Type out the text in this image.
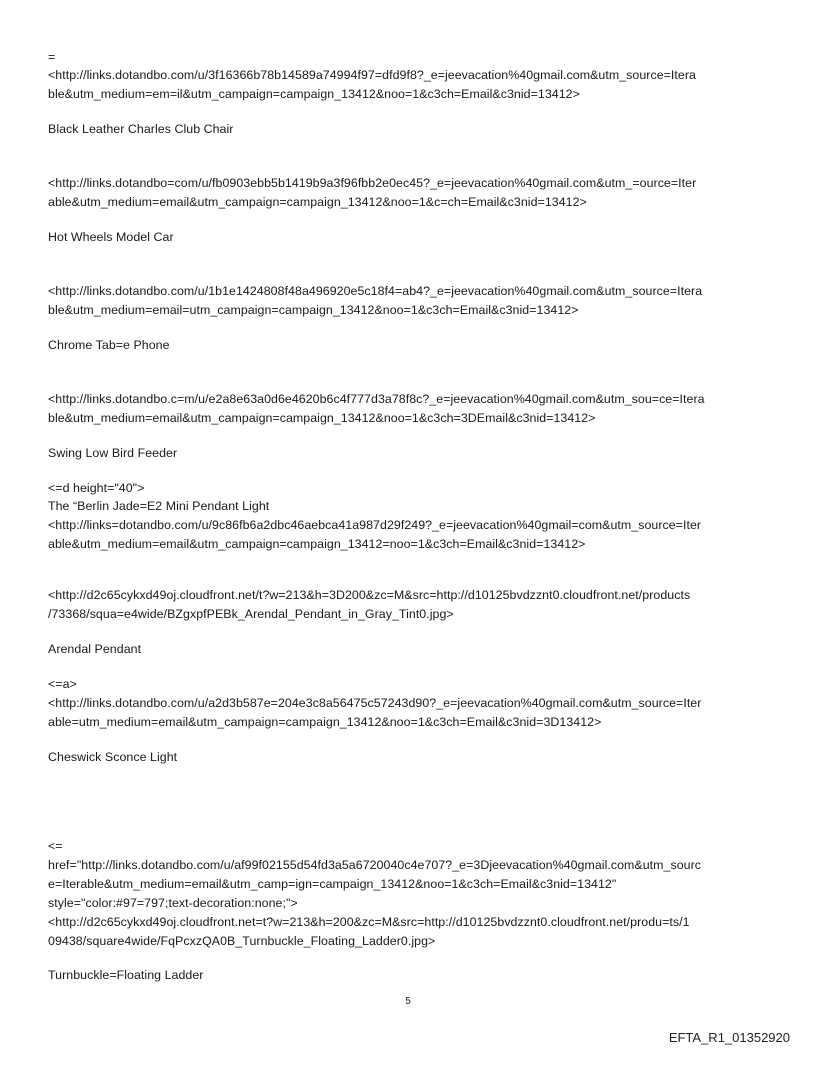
=
<http://links.dotandbo.com/u/3f16366b78b14589a74994f97=dfd9f8?_e=jeevacation%40gmail.com&utm_source=Itera
ble&utm_medium=em=il&utm_campaign=campaign_13412&noo=1&c3ch=Email&c3nid=13412>
Black Leather Charles Club Chair
<http://links.dotandbo=com/u/fb0903ebb5b1419b9a3f96fbb2e0ec45?_e=jeevacation%40gmail.com&utm_=ource=Iter
able&utm_medium=email&utm_campaign=campaign_13412&noo=1&c=ch=Email&c3nid=13412>
Hot Wheels Model Car
<http://links.dotandbo.com/u/1b1e1424808f48a496920e5c18f4=ab4?_e=jeevacation%40gmail.com&utm_source=Itera
ble&utm_medium=email=utm_campaign=campaign_13412&noo=1&c3ch=Email&c3nid=13412>
Chrome Tab=e Phone
<http://links.dotandbo.c=m/u/e2a8e63a0d6e4620b6c4f777d3a78f8c?_e=jeevacation%40gmail.com&utm_sou=ce=Itera
ble&utm_medium=email&utm_campaign=campaign_13412&noo=1&c3ch=3DEmail&c3nid=13412>
Swing Low Bird Feeder
<=d height="40">
The “Berlin Jade=E2 Mini Pendant Light
<http://links=dotandbo.com/u/9c86fb6a2dbc46aebca41a987d29f249?_e=jeevacation%40gmail=com&utm_source=Iter
able&utm_medium=email&utm_campaign=campaign_13412=noo=1&c3ch=Email&c3nid=13412>
<http://d2c65cykxd49oj.cloudfront.net/t?w=213&h=3D200&zc=M&src=http://d10125bvdzznt0.cloudfront.net/products
/73368/squa=e4wide/BZgxpfPEBk_Arendal_Pendant_in_Gray_Tint0.jpg>
Arendal Pendant
<=a>
<http://links.dotandbo.com/u/a2d3b587e=204e3c8a56475c57243d90?_e=jeevacation%40gmail.com&utm_source=Iter
able=utm_medium=email&utm_campaign=campaign_13412&noo=1&c3ch=Email&c3nid=3D13412>
Cheswick Sconce Light
<=
href="http://links.dotandbo.com/u/af99f02155d54fd3a5a6720040c4e707?_e=3Djeevacation%40gmail.com&utm_sourc
e=Iterable&utm_medium=email&utm_camp=ign=campaign_13412&noo=1&c3ch=Email&c3nid=13412"
style="color:#97=797;text-decoration:none;">
<http://d2c65cykxd49oj.cloudfront.net=t?w=213&h=200&zc=M&src=http://d10125bvdzznt0.cloudfront.net/produ=ts/1
09438/square4wide/FqPcxzQA0B_Turnbuckle_Floating_Ladder0.jpg>
Turnbuckle=Floating Ladder
5
EFTA_R1_01352920
